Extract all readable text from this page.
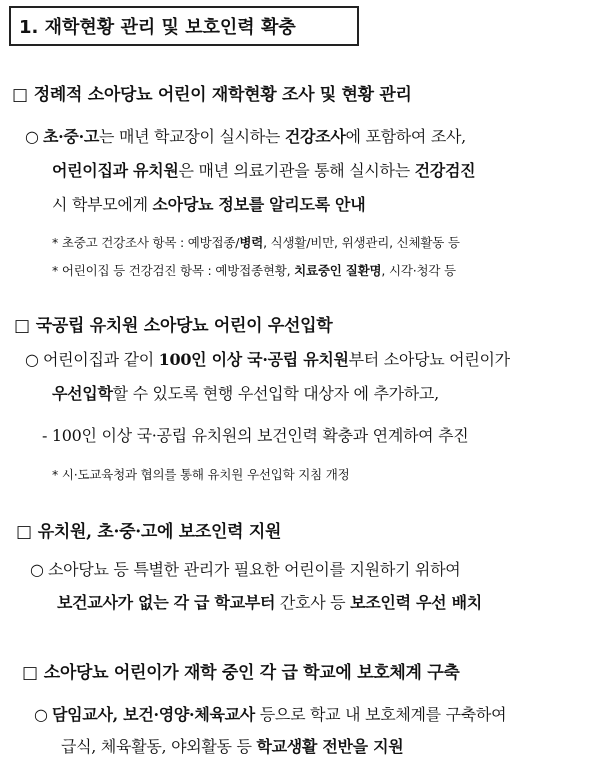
1. 재학현황 관리 및 보호인력 확충
□ 정례적 소아당뇨 어린이 재학현황 조사 및 현황 관리
○ 초·중·고는 매년 학교장이 실시하는 건강조사에 포함하여 조사,
어린이집과 유치원은 매년 의료기관을 통해 실시하는 건강검진
시 학부모에게 소아당뇨 정보를 알리도록 안내
* 초중고 건강조사 항목 : 예방접종/병력, 식생활/비만, 위생관리, 신체활동 등
* 어린이집 등 건강검진 항목 : 예방접종현황, 치료중인 질환명, 시각·청각 등
□ 국공립 유치원 소아당뇨 어린이 우선입학
○ 어린이집과 같이 100인 이상 국·공립 유치원부터 소아당뇨 어린이가
우선입학할 수 있도록 현행 우선입학 대상자 에 추가하고,
- 100인 이상 국·공립 유치원의 보건인력 확충과 연계하여 추진
* 시·도교육청과 협의를 통해 유치원 우선입학 지침 개정
□ 유치원, 초·중·고에 보조인력 지원
○ 소아당뇨 등 특별한 관리가 필요한 어린이를 지원하기 위하여
보건교사가 없는 각 급 학교부터 간호사 등 보조인력 우선 배치
□ 소아당뇨 어린이가 재학 중인 각 급 학교에 보호체계 구축
○ 담임교사, 보건·영양·체육교사 등으로 학교 내 보호체계를 구축하여
급식, 체육활동, 야외활동 등 학교생활 전반을 지원
